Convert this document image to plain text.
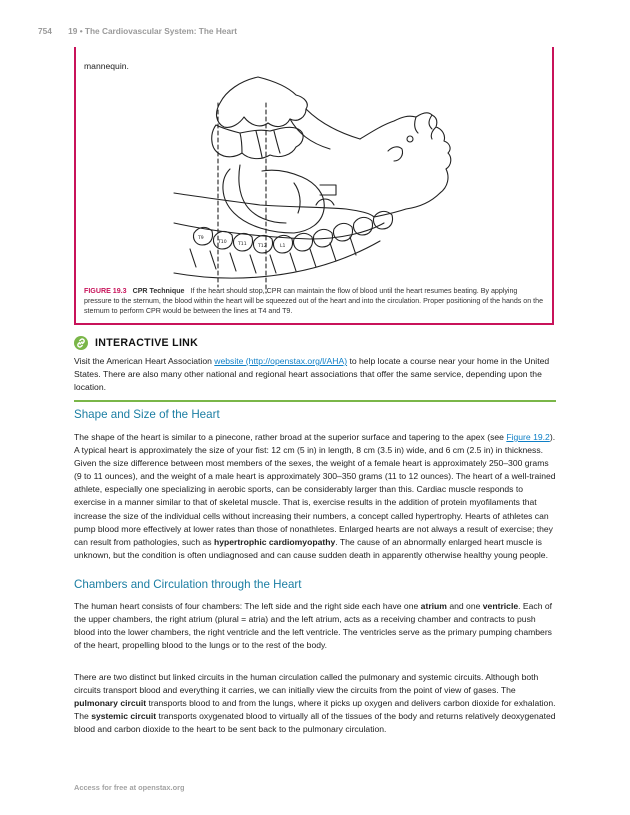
754 19 • The Cardiovascular System: The Heart
mannequin.
T9
T10 T11 T12	L1
FIGURE 19.3 CPR Technique If the heart should stop, CPR can maintain the flow of blood until the heart resumes beating. By applying pressure to the sternum, the blood within the heart will be squeezed out of the heart and into the circulation. Proper positioning of the hands on the sternum to perform CPR would be between the lines at T4 and T9.
INTERACTIVE LINK

Visit the American Heart Association website (http://openstax.org/l/AHA) to help locate a course near your home in the United States. There are also many other national and regional heart associations that offer the same service, depending upon the location.

Shape and Size of the Heart

The shape of the heart is similar to a pinecone, rather broad at the superior surface and tapering to the apex (see Figure 19.2). A typical heart is approximately the size of your fist: 12 cm (5 in) in length, 8 cm (3.5 in) wide, and 6 cm (2.5 in) in thickness. Given the size difference between most members of the sexes, the weight of a female heart is approximately 250–300 grams (9 to 11 ounces), and the weight of a male heart is approximately 300–350 grams (11 to 12 ounces). The heart of a well-trained athlete, especially one specializing in aerobic sports, can be considerably larger than this. Cardiac muscle responds to exercise in a manner similar to that of skeletal muscle. That is, exercise results in the addition of protein myofilaments that increase the size of the individual cells without increasing their numbers, a concept called hypertrophy. Hearts of athletes can pump blood more effectively at lower rates than those of nonathletes. Enlarged hearts are not always a result of exercise; they can result from pathologies, such as hypertrophic cardiomyopathy. The cause of an abnormally enlarged heart muscle is unknown, but the condition is often undiagnosed and can cause sudden death in apparently otherwise healthy young people.

Chambers and Circulation through the Heart

The human heart consists of four chambers: The left side and the right side each have one atrium and one ventricle. Each of the upper chambers, the right atrium (plural = atria) and the left atrium, acts as a receiving chamber and contracts to push blood into the lower chambers, the right ventricle and the left ventricle. The ventricles serve as the primary pumping chambers of the heart, propelling blood to the lungs or to the rest of the body.

There are two distinct but linked circuits in the human circulation called the pulmonary and systemic circuits. Although both circuits transport blood and everything it carries, we can initially view the circuits from the point of view of gases. The pulmonary circuit transports blood to and from the lungs, where it picks up oxygen and delivers carbon dioxide for exhalation. The systemic circuit transports oxygenated blood to virtually all of the tissues of the body and returns relatively deoxygenated blood and carbon dioxide to the heart to be sent back to the pulmonary circulation.

Access for free at openstax.org
